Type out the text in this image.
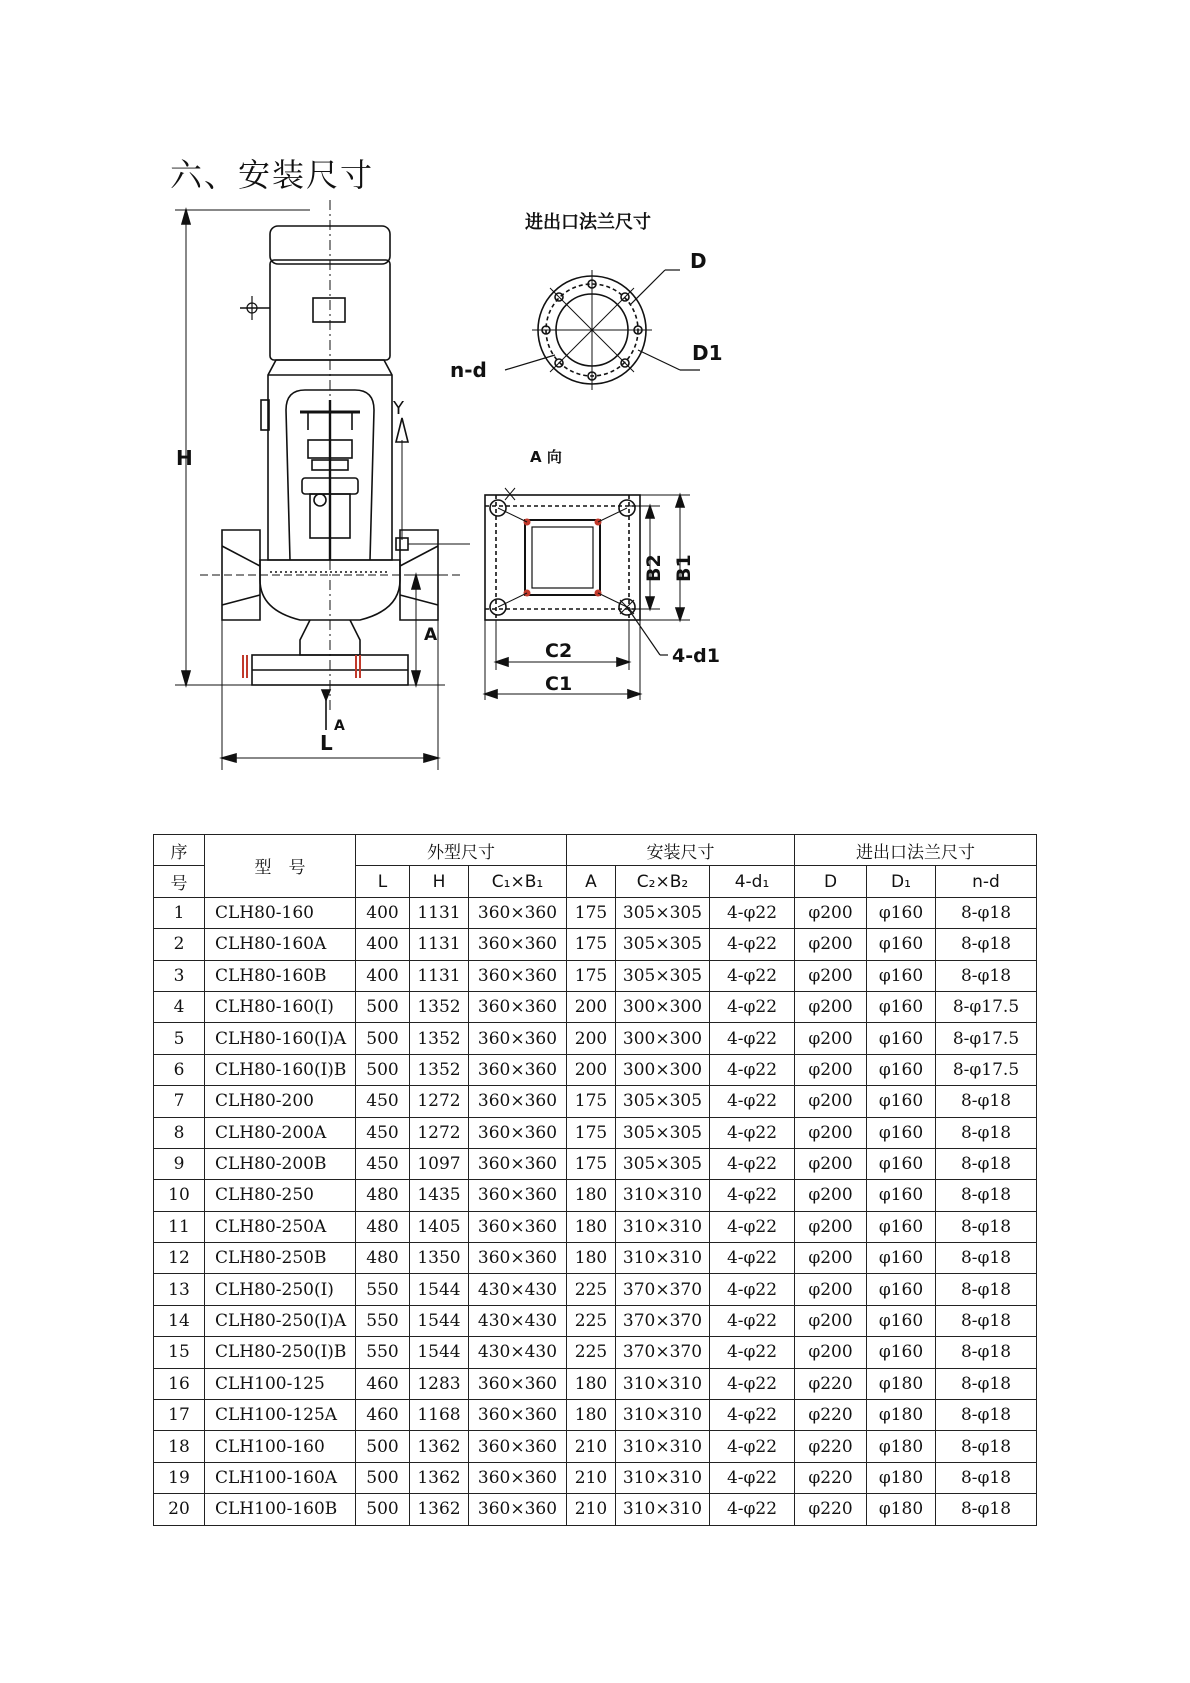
六、安装尺寸
H
A
A
L
Y
进出口法兰尺寸
D
D1
n-d
A 向
B2 B1
C2
C1
4-d1
序	型　号	外型尺寸			安装尺寸			进出口法兰尺寸		
号		L	H	C₁×B₁	A	C₂×B₂	4-d₁	D	D₁	n-d
1	CLH80-160	400	1131	360×360	175	305×305	4-φ22	φ200	φ160	8-φ18
2	CLH80-160A	400	1131	360×360	175	305×305	4-φ22	φ200	φ160	8-φ18
3	CLH80-160B	400	1131	360×360	175	305×305	4-φ22	φ200	φ160	8-φ18
4	CLH80-160(I)	500	1352	360×360	200	300×300	4-φ22	φ200	φ160	8-φ17.5
5	CLH80-160(I)A	500	1352	360×360	200	300×300	4-φ22	φ200	φ160	8-φ17.5
6	CLH80-160(I)B	500	1352	360×360	200	300×300	4-φ22	φ200	φ160	8-φ17.5
7	CLH80-200	450	1272	360×360	175	305×305	4-φ22	φ200	φ160	8-φ18
8	CLH80-200A	450	1272	360×360	175	305×305	4-φ22	φ200	φ160	8-φ18
9	CLH80-200B	450	1097	360×360	175	305×305	4-φ22	φ200	φ160	8-φ18
10	CLH80-250	480	1435	360×360	180	310×310	4-φ22	φ200	φ160	8-φ18
11	CLH80-250A	480	1405	360×360	180	310×310	4-φ22	φ200	φ160	8-φ18
12	CLH80-250B	480	1350	360×360	180	310×310	4-φ22	φ200	φ160	8-φ18
13	CLH80-250(I)	550	1544	430×430	225	370×370	4-φ22	φ200	φ160	8-φ18
14	CLH80-250(I)A	550	1544	430×430	225	370×370	4-φ22	φ200	φ160	8-φ18
15	CLH80-250(I)B	550	1544	430×430	225	370×370	4-φ22	φ200	φ160	8-φ18
16	CLH100-125	460	1283	360×360	180	310×310	4-φ22	φ220	φ180	8-φ18
17	CLH100-125A	460	1168	360×360	180	310×310	4-φ22	φ220	φ180	8-φ18
18	CLH100-160	500	1362	360×360	210	310×310	4-φ22	φ220	φ180	8-φ18
19	CLH100-160A	500	1362	360×360	210	310×310	4-φ22	φ220	φ180	8-φ18
20	CLH100-160B	500	1362	360×360	210	310×310	4-φ22	φ220	φ180	8-φ18
